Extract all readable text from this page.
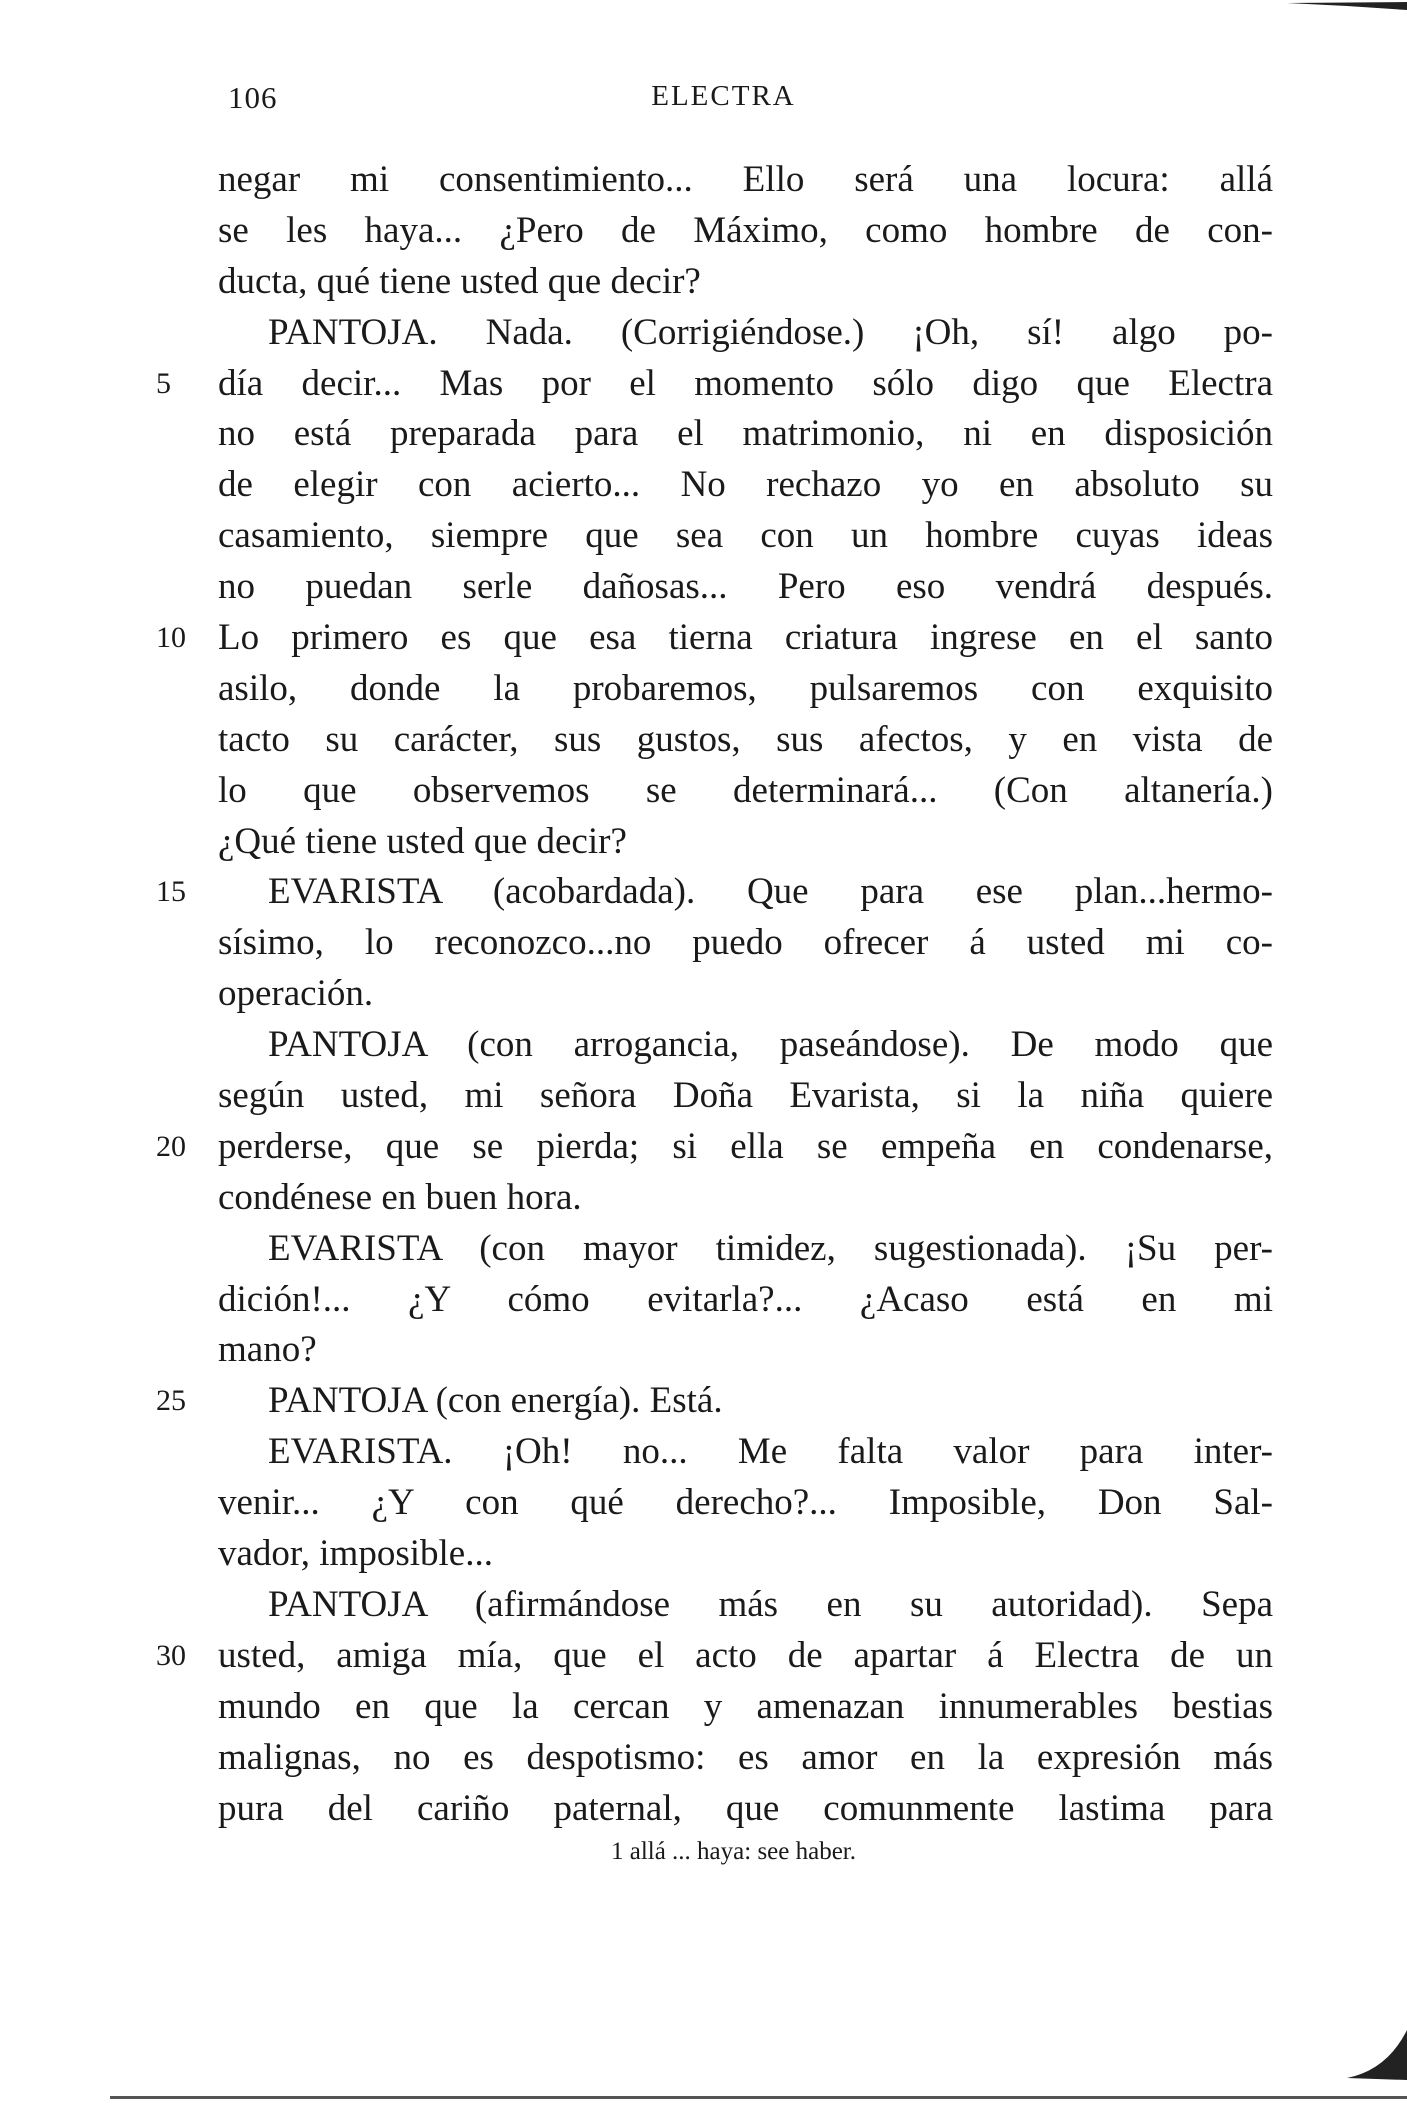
106	ELECTRA
negar mi consentimiento... Ello será una locura: allá
se les haya... ¿Pero de Máximo, como hombre de con-
ducta, qué tiene usted que decir?
PANTOJA. Nada. (Corrigiéndose.) ¡Oh, sí! algo po-
5	día decir... Mas por el momento sólo digo que Electra
no está preparada para el matrimonio, ni en disposición
de elegir con acierto... No rechazo yo en absoluto su
casamiento, siempre que sea con un hombre cuyas ideas
no puedan serle dañosas... Pero eso vendrá después.
10 Lo primero es que esa tierna criatura ingrese en el santo
asilo, donde la probaremos, pulsaremos con exquisito
tacto su carácter, sus gustos, sus afectos, y en vista de
lo que observemos se determinará... (Con altanería.)
¿Qué tiene usted que decir?
15	EVARISTA (acobardada). Que para ese plan...hermo-
sísimo, lo reconozco...no puedo ofrecer á usted mi co-
operación.
PANTOJA (con arrogancia, paseándose). De modo que
según usted, mi señora Doña Evarista, si la niña quiere
20 perderse, que se pierda; si ella se empeña en condenarse,
condénese en buen hora.
EVARISTA (con mayor timidez, sugestionada). ¡Su per-
dición!... ¿Y cómo evitarla?... ¿Acaso está en mi
mano?
25	PANTOJA (con energía). Está.
EVARISTA. ¡Oh! no... Me falta valor para inter-
venir... ¿Y con qué derecho?... Imposible, Don Sal-
vador, imposible...
PANTOJA (afirmándose más en su autoridad). Sepa
30 usted, amiga mía, que el acto de apartar á Electra de un
mundo en que la cercan y amenazan innumerables bestias
malignas, no es despotismo: es amor en la expresión más
pura del cariño paternal, que comunmente lastima para
1 allá ... haya: see haber.
